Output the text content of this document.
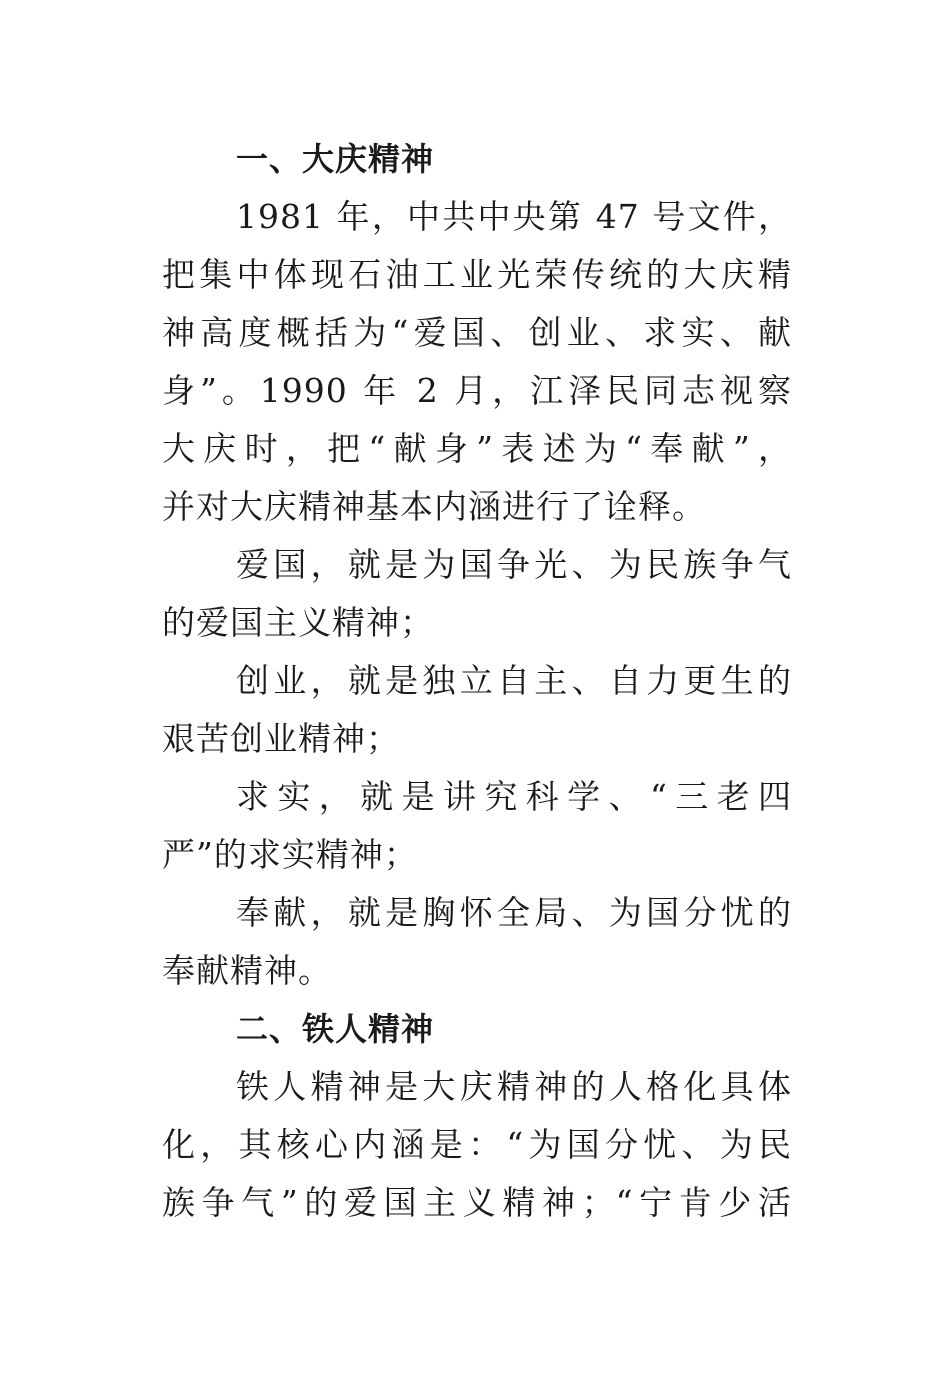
一、大庆精神
1981 年，中共中央第 47 号文件，
把集中体现石油工业光荣传统的大庆精
神高度概括为“爱国、创业、求实、献
身”。1990 年 2 月，江泽民同志视察
大庆时，把“献身”表述为“奉献”，
并对大庆精神基本内涵进行了诠释。
爱国，就是为国争光、为民族争气
的爱国主义精神；
创业，就是独立自主、自力更生的
艰苦创业精神；
求实，就是讲究科学、“三老四
严”的求实精神；
奉献，就是胸怀全局、为国分忧的
奉献精神。
二、铁人精神
铁人精神是大庆精神的人格化具体
化，其核心内涵是：“为国分忧、为民
族争气”的爱国主义精神；“宁肯少活
